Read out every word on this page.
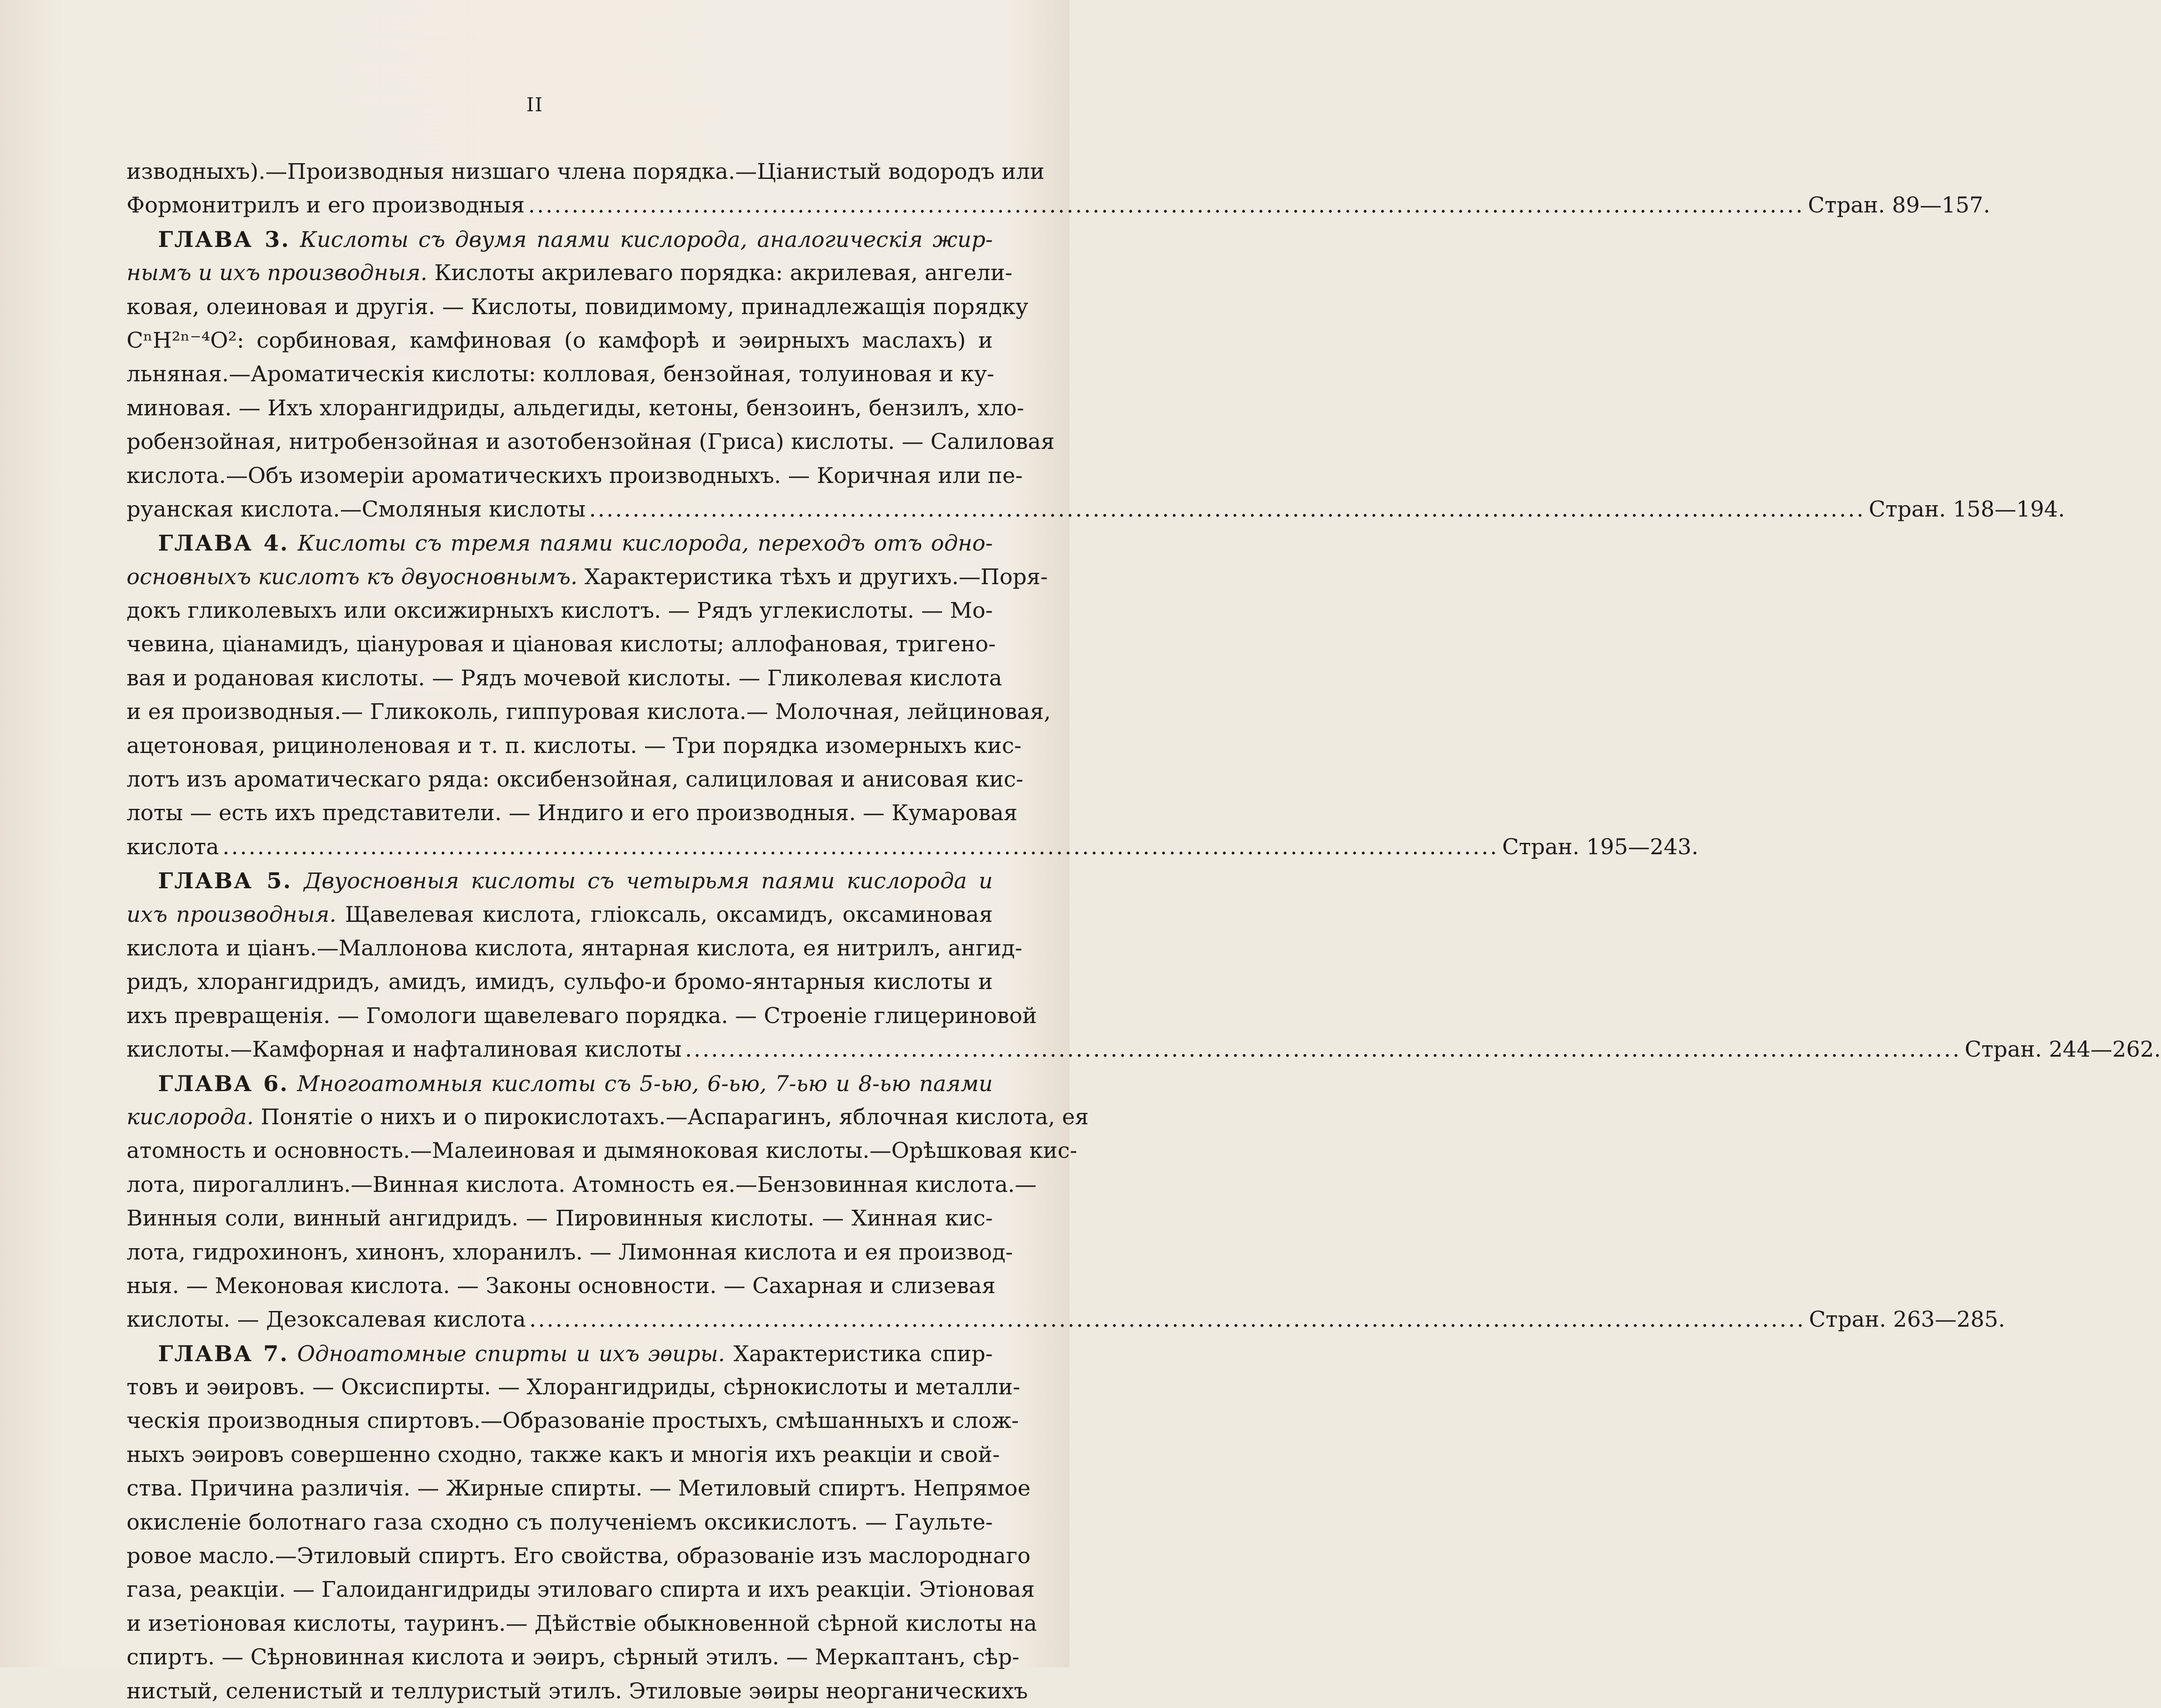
II
изводныхъ).—Производныя низшаго члена порядка.—Ціанистый водородъ или
Формонитрилъ и его производныя .....	Стран. 89—157.
ГЛАВА 3. Кислоты съ двумя паями кислорода, аналогическія жир-
нымъ и ихъ производныя. Кислоты акрилеваго порядка: акрилевая, ангели-
ковая, олеиновая и другія. — Кислоты, повидимому, принадлежащія порядку
CⁿH²ⁿ⁻⁴O²: сорбиновая, камфиновая (о камфорѣ и эѳирныхъ маслахъ) и
льняная.—Ароматическія кислоты: колловая, бензойная, толуиновая и ку-
миновая. — Ихъ хлорангидриды, альдегиды, кетоны, бензоинъ, бензилъ, хло-
робензойная, нитробензойная и азотобензойная (Гриса) кислоты. — Салиловая
кислота.—Объ изомеріи ароматическихъ производныхъ. — Коричная или пе-
руанская кислота.—Смоляныя кислоты .....	Стран. 158—194.
ГЛАВА 4. Кислоты съ тремя паями кислорода, переходъ отъ одно-
основныхъ кислотъ къ двуосновнымъ. Характеристика тѣхъ и другихъ.—Поря-
докъ гликолевыхъ или оксижирныхъ кислотъ. — Рядъ углекислоты. — Мо-
чевина, ціанамидъ, ціануровая и ціановая кислоты; аллофановая, тригено-
вая и родановая кислоты. — Рядъ мочевой кислоты. — Гликолевая кислота
и ея производныя.— Гликоколь, гиппуровая кислота.— Молочная, лейциновая,
ацетоновая, рициноленовая и т. п. кислоты. — Три порядка изомерныхъ кис-
лотъ изъ ароматическаго ряда: оксибензойная, салициловая и анисовая кис-
лоты — есть ихъ представители. — Индиго и его производныя. — Кумаровая
кислота .....	Стран. 195—243.
ГЛАВА 5. Двуосновныя кислоты съ четырьмя паями кислорода и
ихъ производныя. Щавелевая кислота, гліоксаль, оксамидъ, оксаминовая
кислота и ціанъ.—Маллонова кислота, янтарная кислота, ея нитрилъ, ангид-
ридъ, хлорангидридъ, амидъ, имидъ, сульфо-и бромо-янтарныя кислоты и
ихъ превращенія. — Гомологи щавелеваго порядка. — Строеніе глицериновой
кислоты.—Камфорная и нафталиновая кислоты .....	Стран. 244—262.
ГЛАВА 6. Многоатомныя кислоты съ 5-ью, 6-ью, 7-ью и 8-ью паями
кислорода. Понятіе о нихъ и о пирокислотахъ.—Аспарагинъ, яблочная кислота, ея
атомность и основность.—Малеиновая и дымяноковая кислоты.—Орѣшковая кис-
лота, пирогаллинъ.—Винная кислота. Атомность ея.—Бензовинная кислота.—
Винныя соли, винный ангидридъ. — Пировинныя кислоты. — Хинная кис-
лота, гидрохинонъ, хинонъ, хлоранилъ. — Лимонная кислота и ея производ-
ныя. — Меконовая кислота. — Законы основности. — Сахарная и слизевая
кислоты. — Дезоксалевая кислота .....	Стран. 263—285.
ГЛАВА 7. Одноатомные спирты и ихъ эѳиры. Характеристика спир-
товъ и эѳировъ. — Оксиспирты. — Хлорангидриды, сѣрнокислоты и металли-
ческія производныя спиртовъ.—Образованіе простыхъ, смѣшанныхъ и слож-
ныхъ эѳировъ совершенно сходно, также какъ и многія ихъ реакціи и свой-
ства. Причина различія. — Жирные спирты. — Метиловый спиртъ. Непрямое
окисленіе болотнаго газа сходно съ полученіемъ оксикислотъ. — Гаульте-
ровое масло.—Этиловый спиртъ. Его свойства, образованіе изъ маслороднаго
газа, реакціи. — Галоидангидриды этиловаго спирта и ихъ реакціи. Этіоновая
и изетіоновая кислоты, тауринъ.— Дѣйствіе обыкновенной сѣрной кислоты на
спиртъ. — Сѣрновинная кислота и эѳиръ, сѣрный этилъ. — Меркаптанъ, сѣр-
нистый, селенистый и теллуристый этилъ. Этиловые эѳиры неорганическихъ
